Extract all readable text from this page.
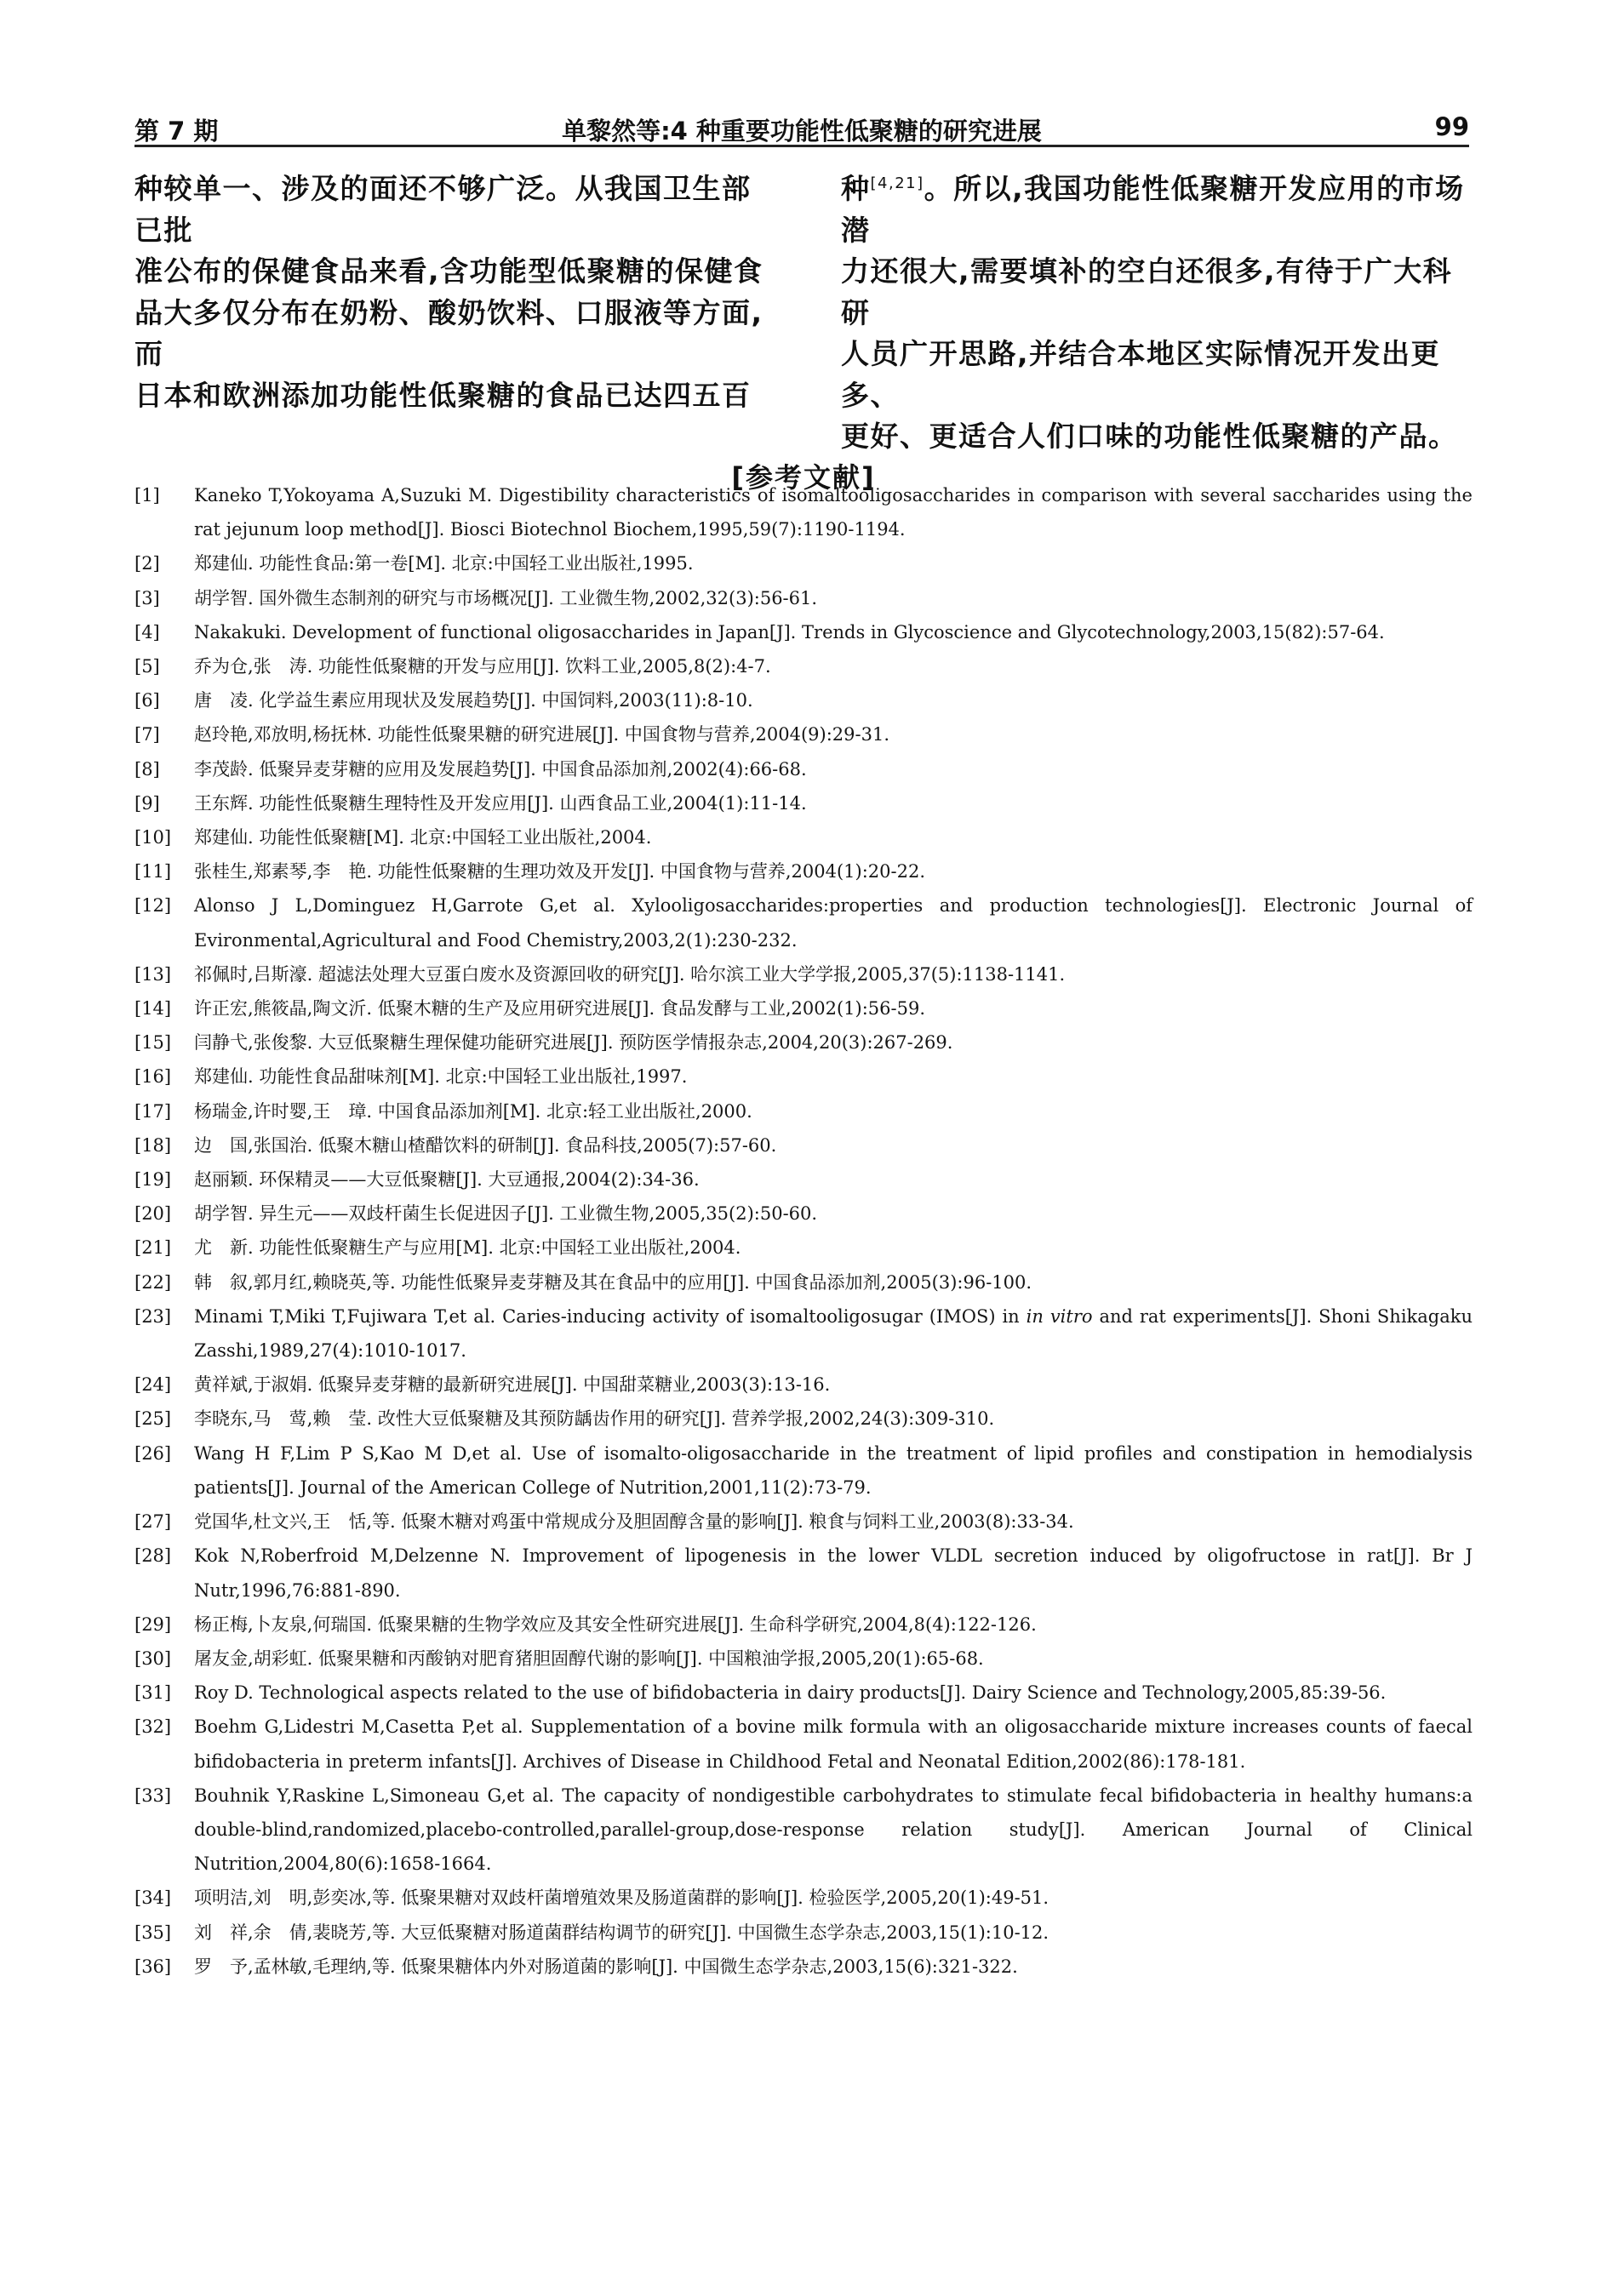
第 7 期	单黎然等:4 种重要功能性低聚糖的研究进展	99
种较单一、涉及的面还不够广泛。从我国卫生部已批
准公布的保健食品来看,含功能型低聚糖的保健食
品大多仅分布在奶粉、酸奶饮料、口服液等方面,而
日本和欧洲添加功能性低聚糖的食品已达四五百
种[4,21]。所以,我国功能性低聚糖开发应用的市场潜
力还很大,需要填补的空白还很多,有待于广大科研
人员广开思路,并结合本地区实际情况开发出更多、
更好、更适合人们口味的功能性低聚糖的产品。
[参考文献]
[1] Kaneko T,Yokoyama A,Suzuki M. Digestibility characteristics of isomaltooligosaccharides in comparison with several saccharides using the rat jejunum loop method[J]. Biosci Biotechnol Biochem,1995,59(7):1190-1194.
[2] 郑建仙. 功能性食品:第一卷[M]. 北京:中国轻工业出版社,1995.
[3] 胡学智. 国外微生态制剂的研究与市场概况[J]. 工业微生物,2002,32(3):56-61.
[4] Nakakuki. Development of functional oligosaccharides in Japan[J]. Trends in Glycoscience and Glycotechnology,2003,15(82):57-64.
[5] 乔为仓,张　涛. 功能性低聚糖的开发与应用[J]. 饮料工业,2005,8(2):4-7.
[6] 唐　凌. 化学益生素应用现状及发展趋势[J]. 中国饲料,2003(11):8-10.
[7] 赵玲艳,邓放明,杨抚林. 功能性低聚果糖的研究进展[J]. 中国食物与营养,2004(9):29-31.
[8] 李茂龄. 低聚异麦芽糖的应用及发展趋势[J]. 中国食品添加剂,2002(4):66-68.
[9] 王东辉. 功能性低聚糖生理特性及开发应用[J]. 山西食品工业,2004(1):11-14.
[10] 郑建仙. 功能性低聚糖[M]. 北京:中国轻工业出版社,2004.
[11] 张桂生,郑素琴,李　艳. 功能性低聚糖的生理功效及开发[J]. 中国食物与营养,2004(1):20-22.
[12] Alonso J L,Dominguez H,Garrote G,et al. Xylooligosaccharides:properties and production technologies[J]. Electronic Journal of Evironmental,Agricultural and Food Chemistry,2003,2(1):230-232.
[13] 祁佩时,吕斯濠. 超滤法处理大豆蛋白废水及资源回收的研究[J]. 哈尔滨工业大学学报,2005,37(5):1138-1141.
[14] 许正宏,熊筱晶,陶文沂. 低聚木糖的生产及应用研究进展[J]. 食品发酵与工业,2002(1):56-59.
[15] 闫静弋,张俊黎. 大豆低聚糖生理保健功能研究进展[J]. 预防医学情报杂志,2004,20(3):267-269.
[16] 郑建仙. 功能性食品甜味剂[M]. 北京:中国轻工业出版社,1997.
[17] 杨瑞金,许时婴,王　璋. 中国食品添加剂[M]. 北京:轻工业出版社,2000.
[18] 边　国,张国治. 低聚木糖山楂醋饮料的研制[J]. 食品科技,2005(7):57-60.
[19] 赵丽颖. 环保精灵——大豆低聚糖[J]. 大豆通报,2004(2):34-36.
[20] 胡学智. 异生元——双歧杆菌生长促进因子[J]. 工业微生物,2005,35(2):50-60.
[21] 尤　新. 功能性低聚糖生产与应用[M]. 北京:中国轻工业出版社,2004.
[22] 韩　叙,郭月红,赖晓英,等. 功能性低聚异麦芽糖及其在食品中的应用[J]. 中国食品添加剂,2005(3):96-100.
[23] Minami T,Miki T,Fujiwara T,et al. Caries-inducing activity of isomaltooligosugar (IMOS) in in vitro and rat experiments[J]. Shoni Shikagaku Zasshi,1989,27(4):1010-1017.
[24] 黄祥斌,于淑娟. 低聚异麦芽糖的最新研究进展[J]. 中国甜菜糖业,2003(3):13-16.
[25] 李晓东,马　莺,赖　莹. 改性大豆低聚糖及其预防龋齿作用的研究[J]. 营养学报,2002,24(3):309-310.
[26] Wang H F,Lim P S,Kao M D,et al. Use of isomalto-oligosaccharide in the treatment of lipid profiles and constipation in hemodialysis patients[J]. Journal of the American College of Nutrition,2001,11(2):73-79.
[27] 党国华,杜文兴,王　恬,等. 低聚木糖对鸡蛋中常规成分及胆固醇含量的影响[J]. 粮食与饲料工业,2003(8):33-34.
[28] Kok N,Roberfroid M,Delzenne N. Improvement of lipogenesis in the lower VLDL secretion induced by oligofructose in rat[J]. Br J Nutr,1996,76:881-890.
[29] 杨正梅,卜友泉,何瑞国. 低聚果糖的生物学效应及其安全性研究进展[J]. 生命科学研究,2004,8(4):122-126.
[30] 屠友金,胡彩虹. 低聚果糖和丙酸钠对肥育猪胆固醇代谢的影响[J]. 中国粮油学报,2005,20(1):65-68.
[31] Roy D. Technological aspects related to the use of bifidobacteria in dairy products[J]. Dairy Science and Technology,2005,85:39-56.
[32] Boehm G,Lidestri M,Casetta P,et al. Supplementation of a bovine milk formula with an oligosaccharide mixture increases counts of faecal bifidobacteria in preterm infants[J]. Archives of Disease in Childhood Fetal and Neonatal Edition,2002(86):178-181.
[33] Bouhnik Y,Raskine L,Simoneau G,et al. The capacity of nondigestible carbohydrates to stimulate fecal bifidobacteria in healthy humans:a double-blind,randomized,placebo-controlled,parallel-group,dose-response relation study[J]. American Journal of Clinical Nutrition,2004,80(6):1658-1664.
[34] 项明洁,刘　明,彭奕冰,等. 低聚果糖对双歧杆菌增殖效果及肠道菌群的影响[J]. 检验医学,2005,20(1):49-51.
[35] 刘　祥,余　倩,裴晓芳,等. 大豆低聚糖对肠道菌群结构调节的研究[J]. 中国微生态学杂志,2003,15(1):10-12.
[36] 罗　予,孟林敏,毛理纳,等. 低聚果糖体内外对肠道菌的影响[J]. 中国微生态学杂志,2003,15(6):321-322.
